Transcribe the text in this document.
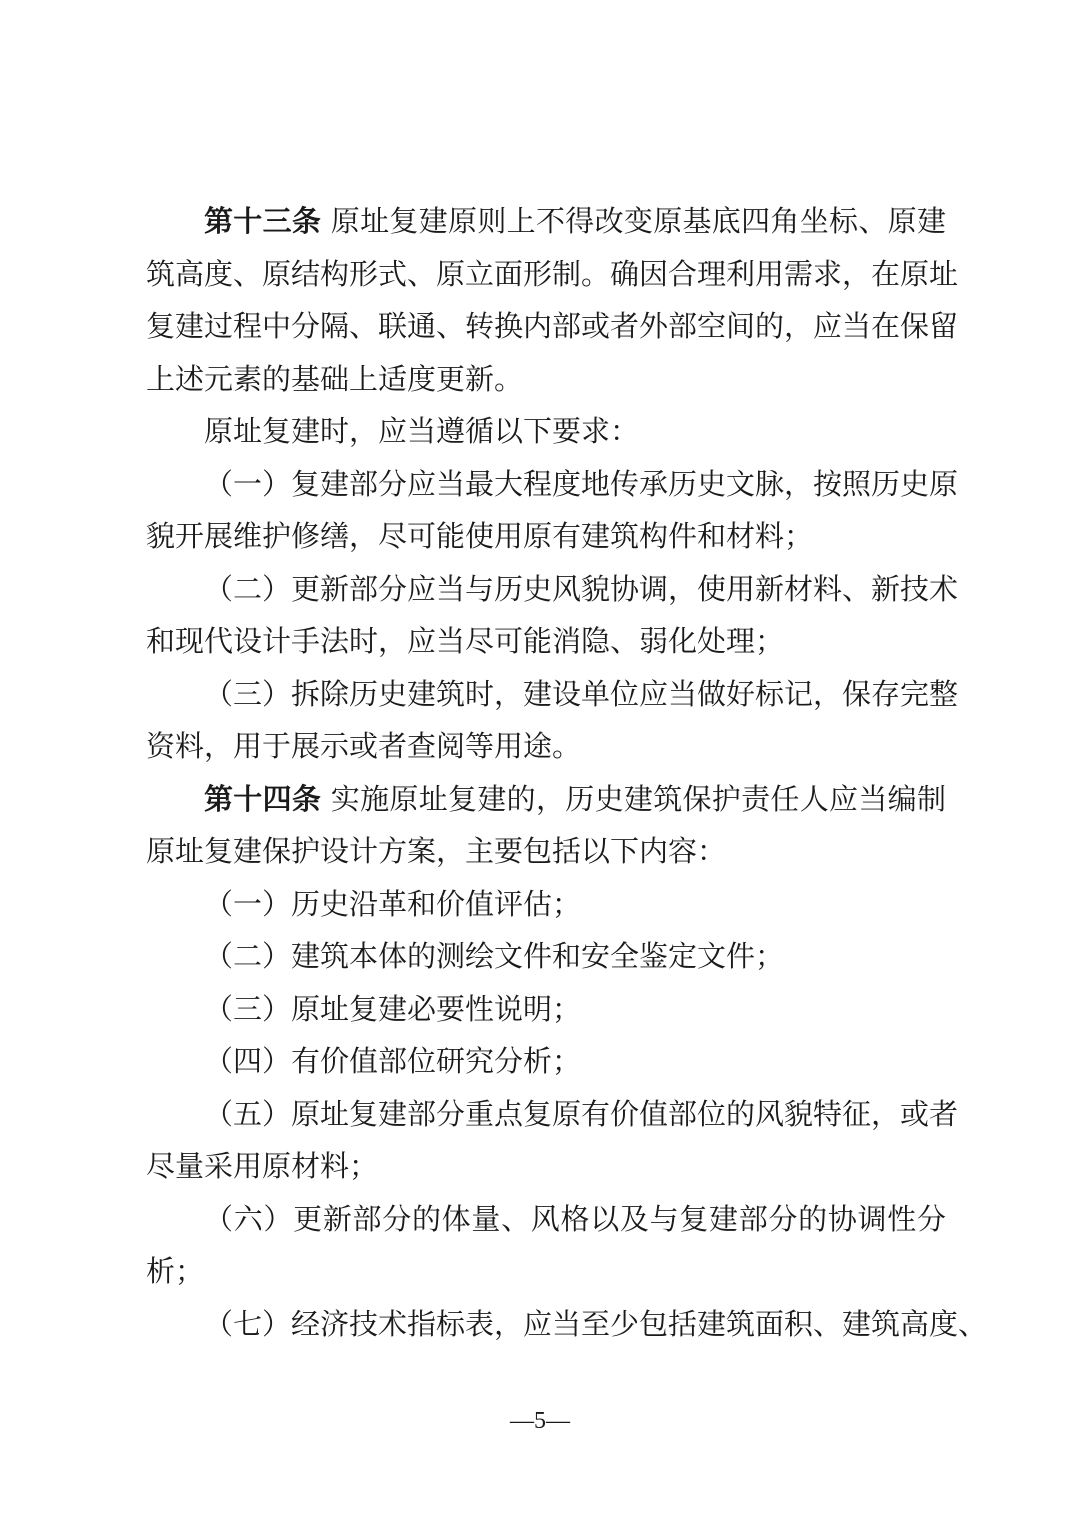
第十三条 原址复建原则上不得改变原基底四角坐标、原建
筑高度、原结构形式、原立面形制。确因合理利用需求，在原址
复建过程中分隔、联通、转换内部或者外部空间的，应当在保留
上述元素的基础上适度更新。
原址复建时，应当遵循以下要求：
（一）复建部分应当最大程度地传承历史文脉，按照历史原
貌开展维护修缮，尽可能使用原有建筑构件和材料；
（二）更新部分应当与历史风貌协调，使用新材料、新技术
和现代设计手法时，应当尽可能消隐、弱化处理；
（三）拆除历史建筑时，建设单位应当做好标记，保存完整
资料，用于展示或者查阅等用途。
第十四条 实施原址复建的，历史建筑保护责任人应当编制
原址复建保护设计方案，主要包括以下内容：
（一）历史沿革和价值评估；
（二）建筑本体的测绘文件和安全鉴定文件；
（三）原址复建必要性说明；
（四）有价值部位研究分析；
（五）原址复建部分重点复原有价值部位的风貌特征，或者
尽量采用原材料；
（六）更新部分的体量、风格以及与复建部分的协调性分
析；
（七）经济技术指标表，应当至少包括建筑面积、建筑高度、
—5—
